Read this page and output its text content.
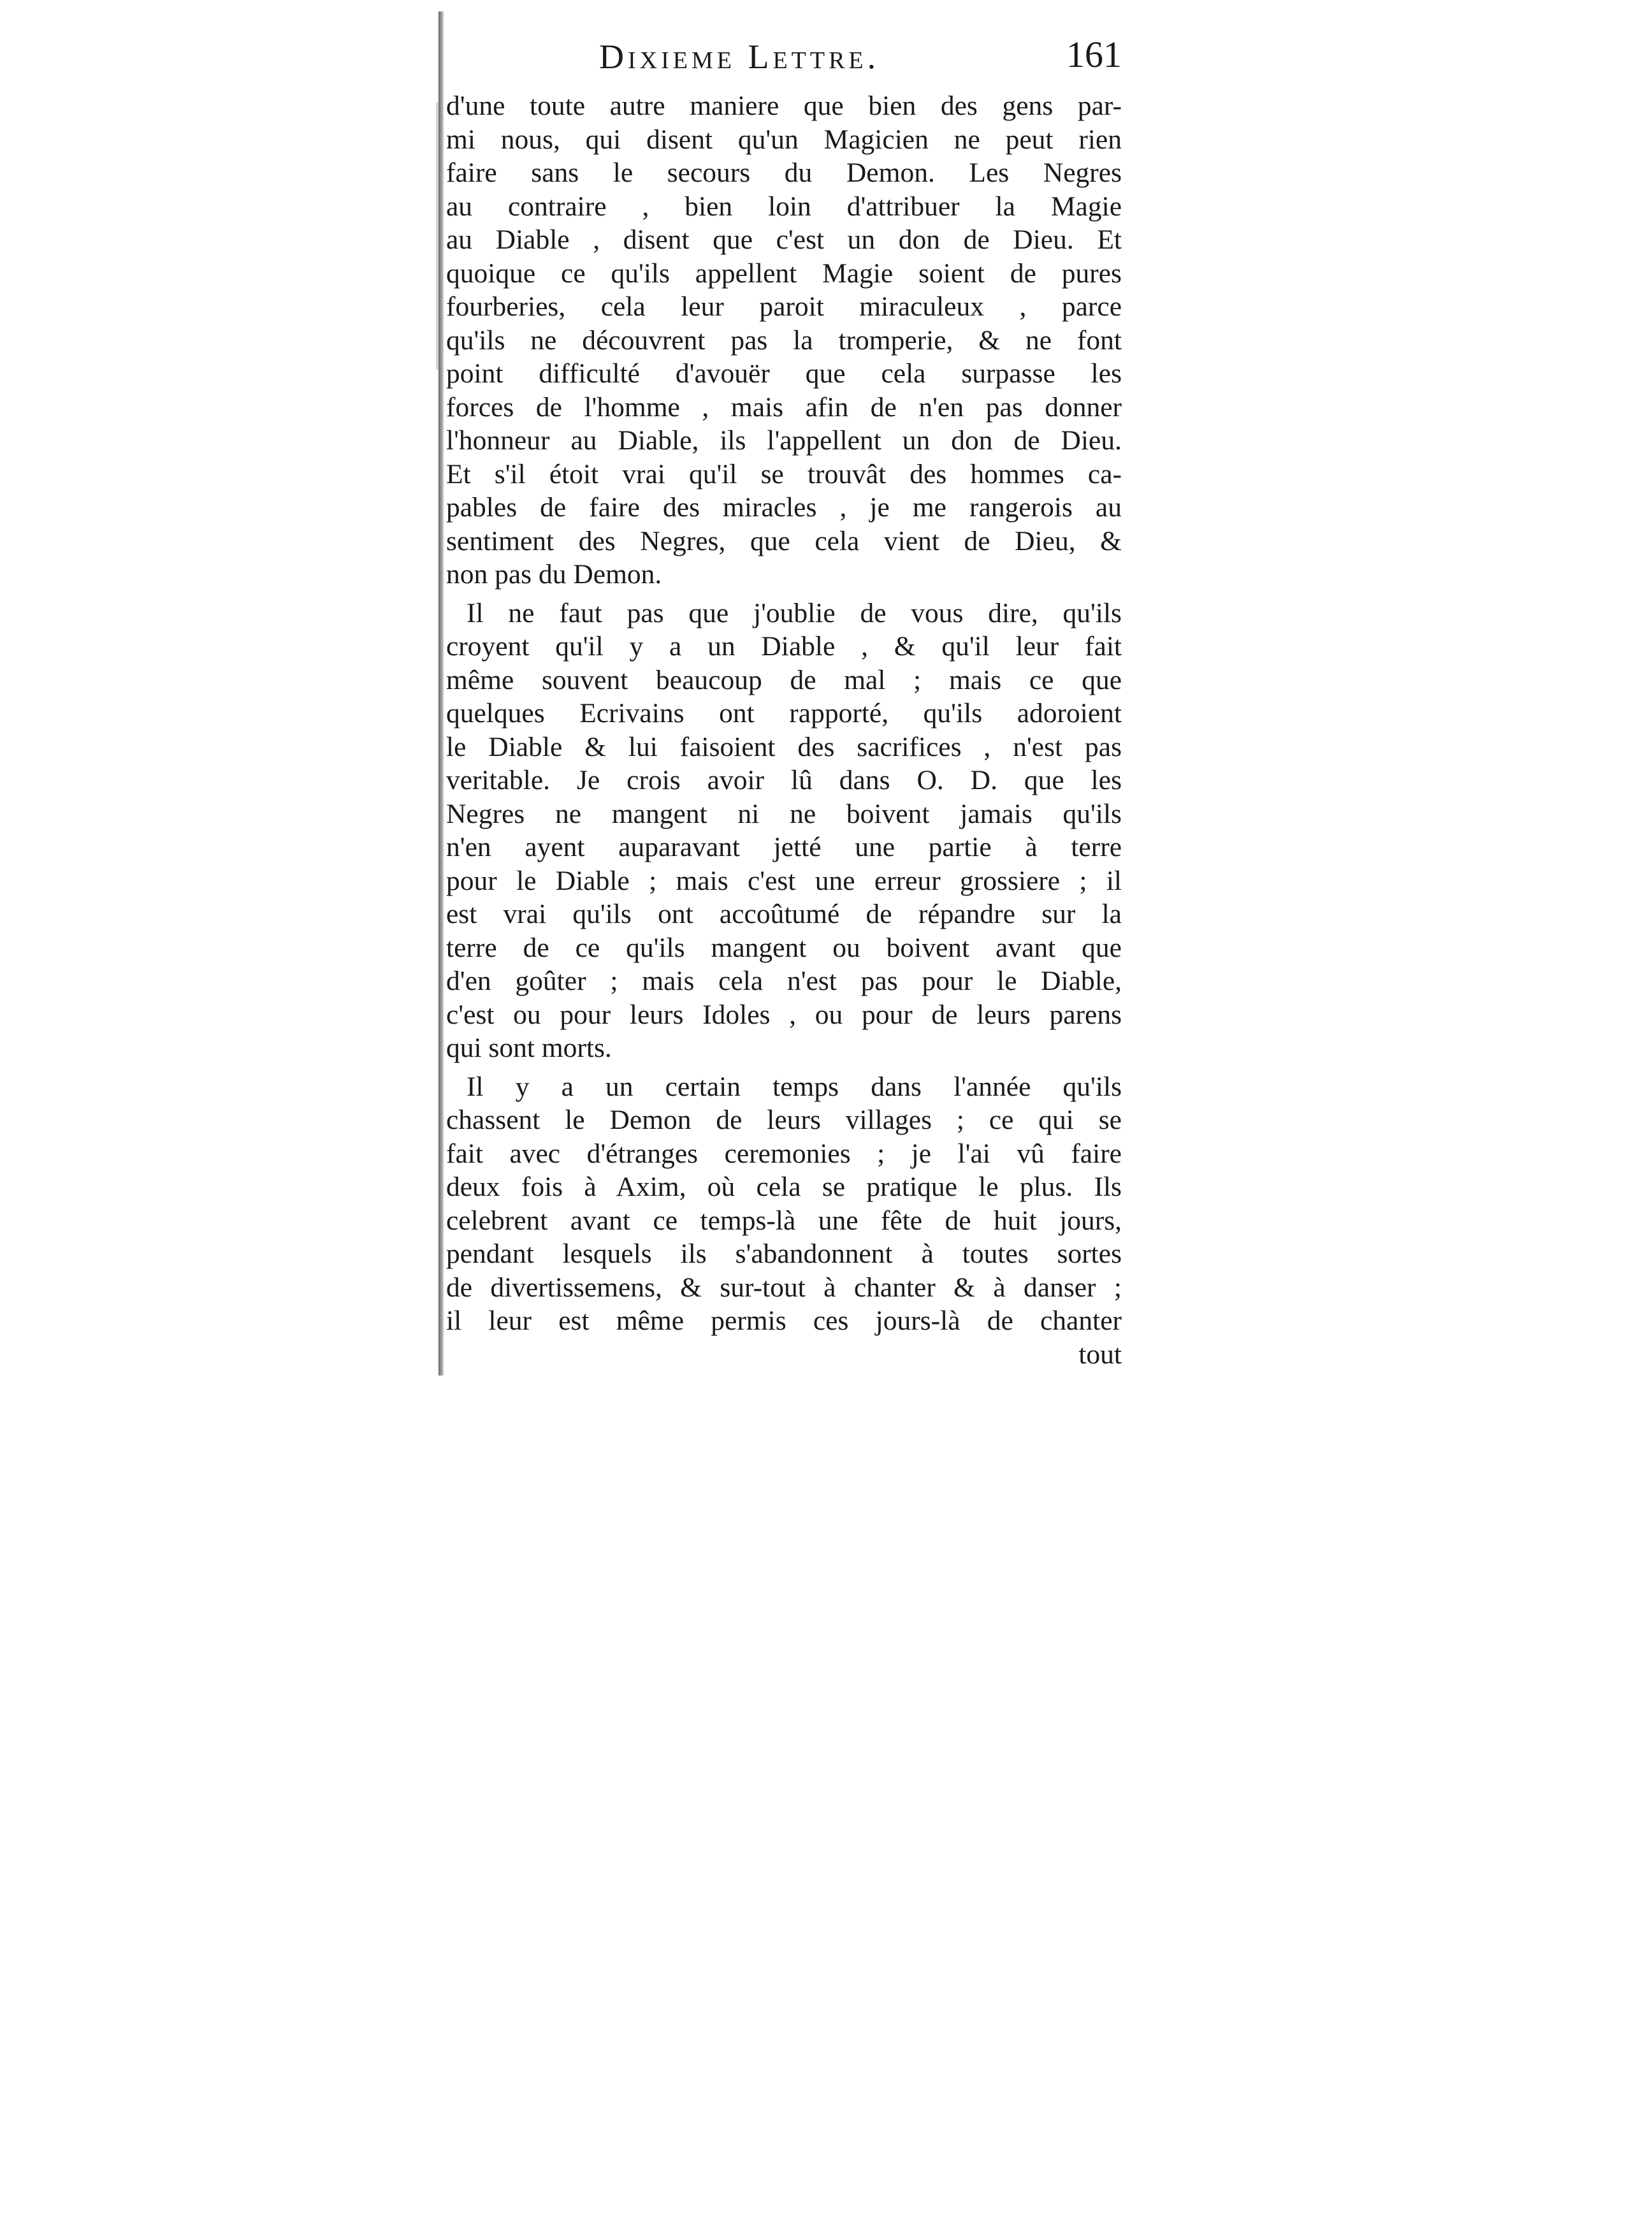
Dixieme Lettre.	161
d'une toute autre maniere que bien des gens par-
mi nous, qui disent qu'un Magicien ne peut rien
faire sans le secours du Demon. Les Negres
au contraire , bien loin d'attribuer la Magie
au Diable , disent que c'est un don de Dieu. Et
quoique ce qu'ils appellent Magie soient de pures
fourberies, cela leur paroit miraculeux , parce
qu'ils ne découvrent pas la tromperie, & ne font
point difficulté d'avouër que cela surpasse les
forces de l'homme , mais afin de n'en pas donner
l'honneur au Diable, ils l'appellent un don de Dieu.
Et s'il étoit vrai qu'il se trouvât des hommes ca-
pables de faire des miracles , je me rangerois au
sentiment des Negres, que cela vient de Dieu, &
non pas du Demon.
Il ne faut pas que j'oublie de vous dire, qu'ils
croyent qu'il y a un Diable , & qu'il leur fait
même souvent beaucoup de mal ; mais ce que
quelques Ecrivains ont rapporté, qu'ils adoroient
le Diable & lui faisoient des sacrifices , n'est pas
veritable. Je crois avoir lû dans O. D. que les
Negres ne mangent ni ne boivent jamais qu'ils
n'en ayent auparavant jetté une partie à terre
pour le Diable ; mais c'est une erreur grossiere ; il
est vrai qu'ils ont accoûtumé de répandre sur la
terre de ce qu'ils mangent ou boivent avant que
d'en goûter ; mais cela n'est pas pour le Diable,
c'est ou pour leurs Idoles , ou pour de leurs parens
qui sont morts.
Il y a un certain temps dans l'année qu'ils
chassent le Demon de leurs villages ; ce qui se
fait avec d'étranges ceremonies ; je l'ai vû faire
deux fois à Axim, où cela se pratique le plus. Ils
celebrent avant ce temps-là une fête de huit jours,
pendant lesquels ils s'abandonnent à toutes sortes
de divertissemens, & sur-tout à chanter & à danser ;
il leur est même permis ces jours-là de chanter
tout
